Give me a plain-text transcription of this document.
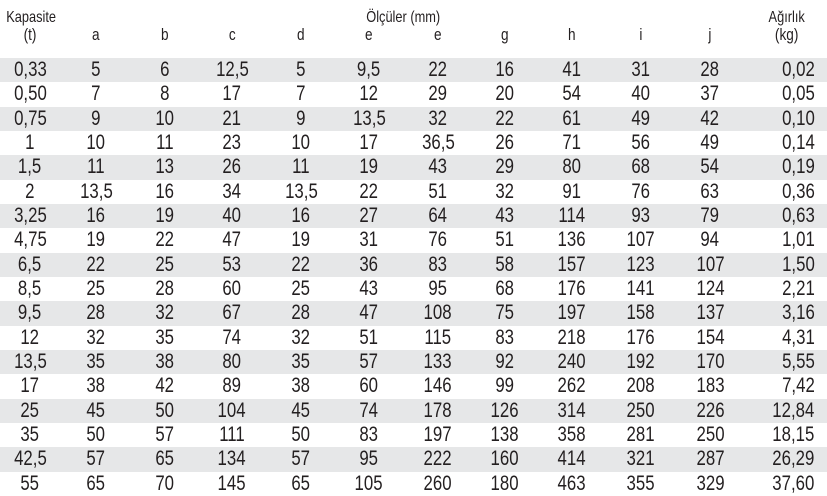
Kapasite	Ölçüler (mm)										Ağırlık
(t)	a	b	c	d	e	e	g	h	i	j	(kg)
0,33	5	6	12,5	5	9,5	22	16	41	31	28	0,02
0,50	7	8	17	7	12	29	20	54	40	37	0,05
0,75	9	10	21	9	13,5	32	22	61	49	42	0,10
1	10	11	23	10	17	36,5	26	71	56	49	0,14
1,5	11	13	26	11	19	43	29	80	68	54	0,19
2	13,5	16	34	13,5	22	51	32	91	76	63	0,36
3,25	16	19	40	16	27	64	43	114	93	79	0,63
4,75	19	22	47	19	31	76	51	136	107	94	1,01
6,5	22	25	53	22	36	83	58	157	123	107	1,50
8,5	25	28	60	25	43	95	68	176	141	124	2,21
9,5	28	32	67	28	47	108	75	197	158	137	3,16
12	32	35	74	32	51	115	83	218	176	154	4,31
13,5	35	38	80	35	57	133	92	240	192	170	5,55
17	38	42	89	38	60	146	99	262	208	183	7,42
25	45	50	104	45	74	178	126	314	250	226	12,84
35	50	57	111	50	83	197	138	358	281	250	18,15
42,5	57	65	134	57	95	222	160	414	321	287	26,29
55	65	70	145	65	105	260	180	463	355	329	37,60
